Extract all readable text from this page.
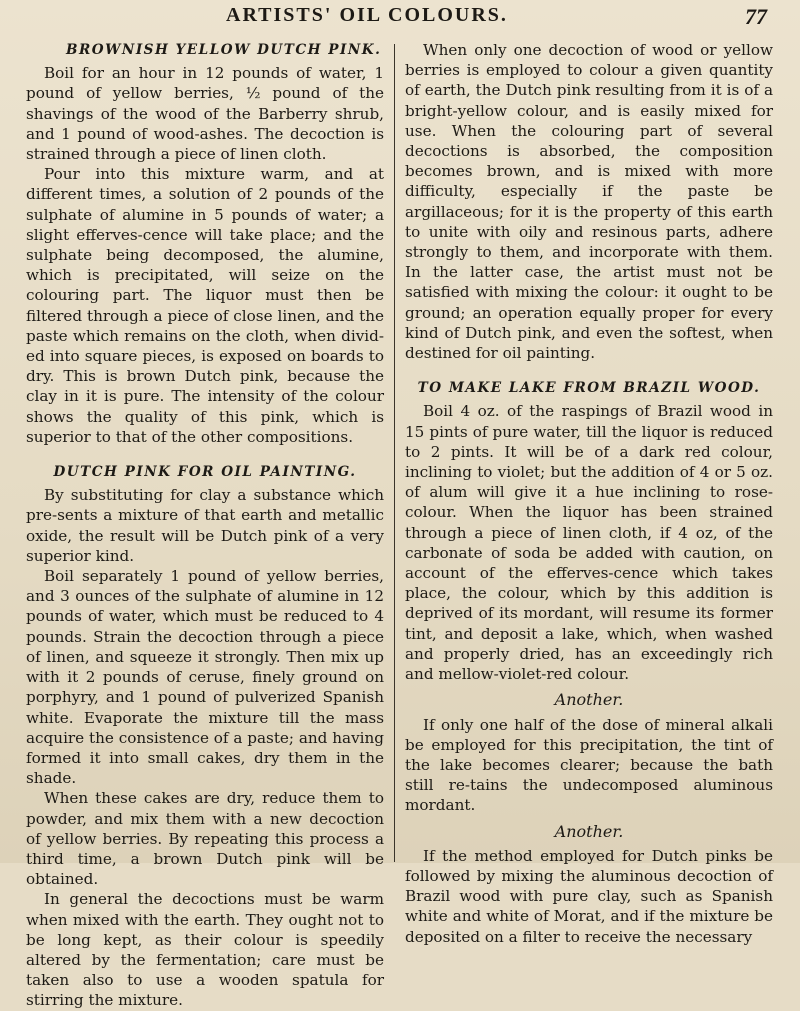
ARTISTS' OIL COLOURS.	77
BROWNISH YELLOW DUTCH PINK.

Boil for an hour in 12 pounds of water, 1 pound of yellow berries, ½ pound of the shavings of the wood of the Barberry shrub, and 1 pound of wood-ashes. The decoction is strained through a piece of linen cloth.

Pour into this mixture warm, and at different times, a solution of 2 pounds of the sulphate of alumine in 5 pounds of water; a slight efferves-cence will take place; and the sulphate being decomposed, the alumine, which is precipitated, will seize on the colouring part. The liquor must then be filtered through a piece of close linen, and the paste which remains on the cloth, when divid-ed into square pieces, is exposed on boards to dry. This is brown Dutch pink, because the clay in it is pure. The intensity of the colour shows the quality of this pink, which is superior to that of the other compositions.

DUTCH PINK FOR OIL PAINTING.

By substituting for clay a substance which pre-sents a mixture of that earth and metallic oxide, the result will be Dutch pink of a very superior kind.

Boil separately 1 pound of yellow berries, and 3 ounces of the sulphate of alumine in 12 pounds of water, which must be reduced to 4 pounds. Strain the decoction through a piece of linen, and squeeze it strongly. Then mix up with it 2 pounds of ceruse, finely ground on porphyry, and 1 pound of pulverized Spanish white. Evaporate the mixture till the mass acquire the consistence of a paste; and having formed it into small cakes, dry them in the shade.

When these cakes are dry, reduce them to powder, and mix them with a new decoction of yellow berries. By repeating this process a third time, a brown Dutch pink will be obtained.

In general the decoctions must be warm when mixed with the earth. They ought not to be long kept, as their colour is speedily altered by the fermentation; care must be taken also to use a wooden spatula for stirring the mixture.

When only one decoction of wood or yellow berries is employed to colour a given quantity of earth, the Dutch pink resulting from it is of a bright-yellow colour, and is easily mixed for use. When the colouring part of several decoctions is absorbed, the composition becomes brown, and is mixed with more difficulty, especially if the paste be argillaceous; for it is the property of this earth to unite with oily and resinous parts, adhere strongly to them, and incorporate with them. In the latter case, the artist must not be satisfied with mixing the colour: it ought to be ground; an operation equally proper for every kind of Dutch pink, and even the softest, when destined for oil painting.

TO MAKE LAKE FROM BRAZIL WOOD.

Boil 4 oz. of the raspings of Brazil wood in 15 pints of pure water, till the liquor is reduced to 2 pints. It will be of a dark red colour, inclining to violet; but the addition of 4 or 5 oz. of alum will give it a hue inclining to rose-colour. When the liquor has been strained through a piece of linen cloth, if 4 oz, of the carbonate of soda be added with caution, on account of the efferves-cence which takes place, the colour, which by this addition is deprived of its mordant, will resume its former tint, and deposit a lake, which, when washed and properly dried, has an exceedingly rich and mellow-violet-red colour.

Another.

If only one half of the dose of mineral alkali be employed for this precipitation, the tint of the lake becomes clearer; because the bath still re-tains the undecomposed aluminous mordant.

Another.

If the method employed for Dutch pinks be followed by mixing the aluminous decoction of Brazil wood with pure clay, such as Spanish white and white of Morat, and if the mixture be deposited on a filter to receive the necessary
